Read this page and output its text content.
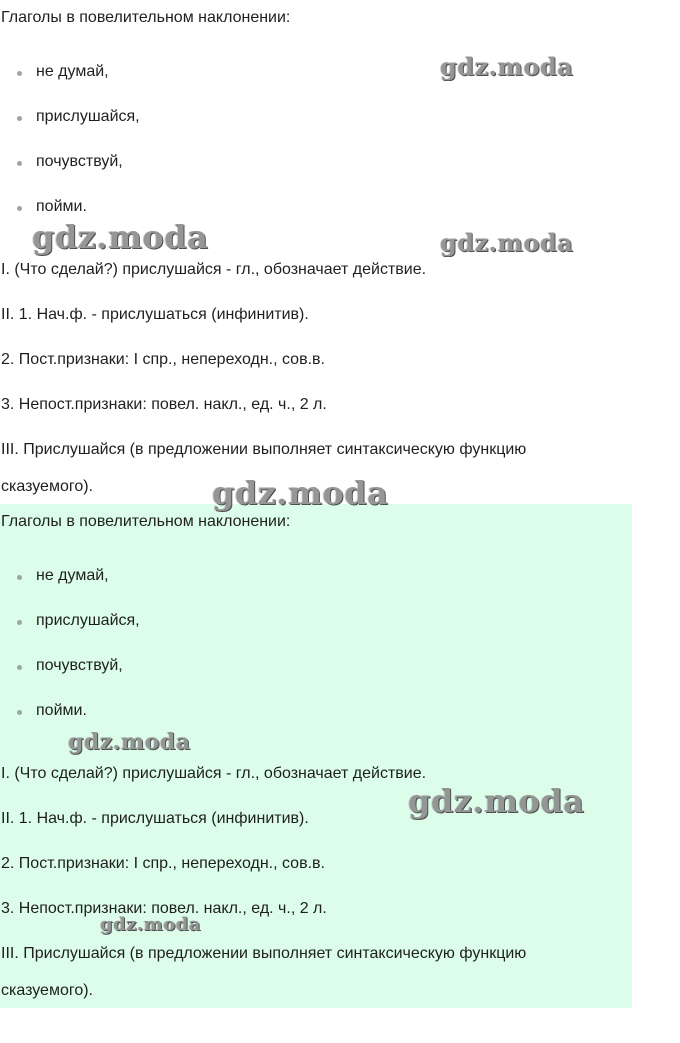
Глаголы в повелительном наклонении:
не думай,
прислушайся,
почувствуй,
пойми.
I. (Что сделай?) прислушайся - гл., обозначает действие.
II. 1. Нач.ф. - прислушаться (инфинитив).
2. Пост.признаки: I спр., непереходн., сов.в.
3. Непост.признаки: повел. накл., ед. ч., 2 л.
III. Прислушайся (в предложении выполняет синтаксическую функцию
сказуемого).
Глаголы в повелительном наклонении:
не думай,
прислушайся,
почувствуй,
пойми.
I. (Что сделай?) прислушайся - гл., обозначает действие.
II. 1. Нач.ф. - прислушаться (инфинитив).
2. Пост.признаки: I спр., непереходн., сов.в.
3. Непост.признаки: повел. накл., ед. ч., 2 л.
III. Прислушайся (в предложении выполняет синтаксическую функцию
сказуемого).
gdz.moda
gdz.moda	gdz.moda
gdz.moda
gdz.moda
gdz.moda
gdz.moda
